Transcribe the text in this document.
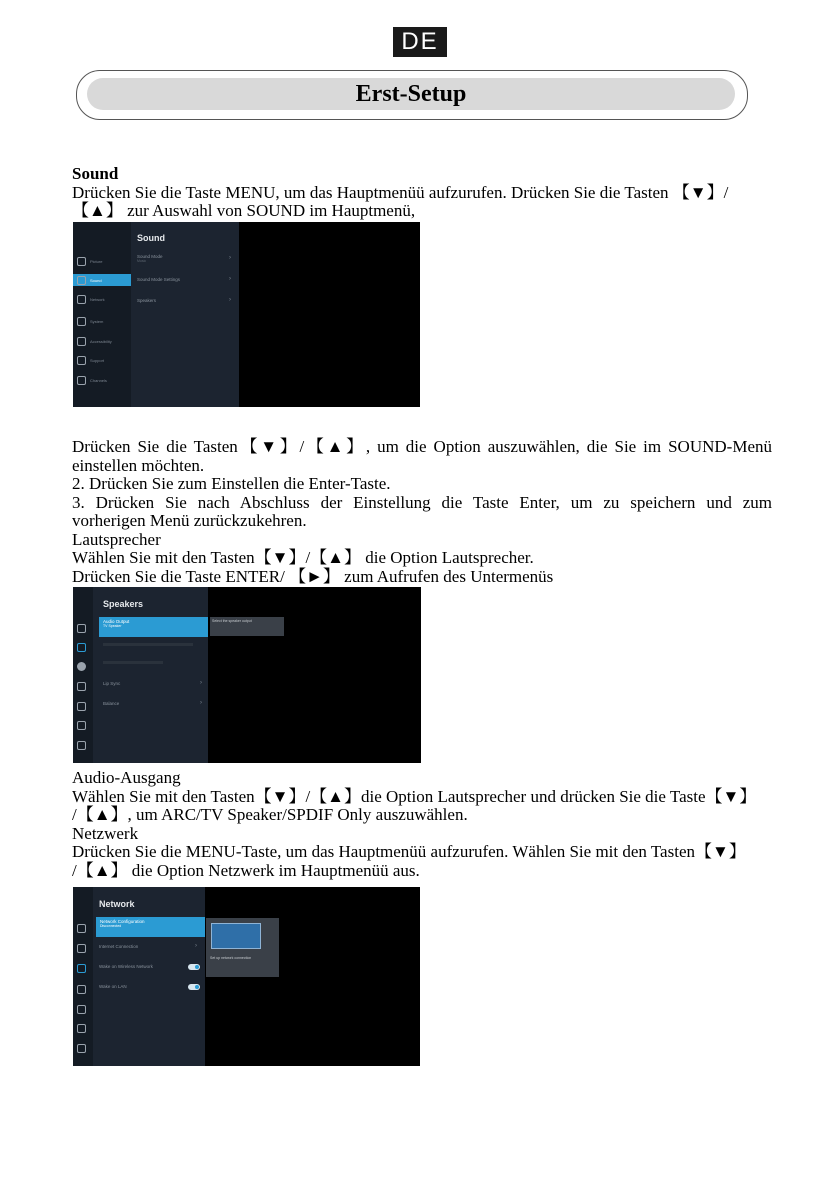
DE
Erst-Setup
Sound
Drücken Sie die Taste MENU, um das Hauptmenüü aufzurufen. Drücken Sie die Tasten 【▼】/
【▲】 zur Auswahl von SOUND im Hauptmenü,
Picture
Sound
Network
System
Accessibility
Support
Channels
Sound
Sound Mode
Music	›
Sound Mode Settings	›
Speakers	›
Drücken Sie die Tasten【▼】/【▲】, um die Option auszuwählen, die Sie im SOUND-Menü
einstellen möchten.
2. Drücken Sie zum Einstellen die Enter-Taste.
3. Drücken Sie nach Abschluss der Einstellung die Taste Enter, um zu speichern und zum
vorherigen Menü zurückzukehren.
Lautsprecher
Wählen Sie mit den Tasten【▼】/【▲】 die Option Lautsprecher.
Drücken Sie die Taste ENTER/ 【►】 zum Aufrufen des Untermenüs
Speakers
Audio Output
TV Speaker
Lip Sync	›
Balance	›
Select the speaker output
Audio-Ausgang
Wählen Sie mit den Tasten【▼】/【▲】die Option Lautsprecher und drücken Sie die Taste【▼】
/【▲】, um ARC/TV Speaker/SPDIF Only auszuwählen.
Netzwerk
Drücken Sie die MENU-Taste, um das Hauptmenüü aufzurufen. Wählen Sie mit den Tasten【▼】
/【▲】 die Option Netzwerk im Hauptmenüü aus.
Network
Network Configuration
Disconnected
Internet Connection	›
Wake on Wireless Network
Wake on LAN
Set up network connection
